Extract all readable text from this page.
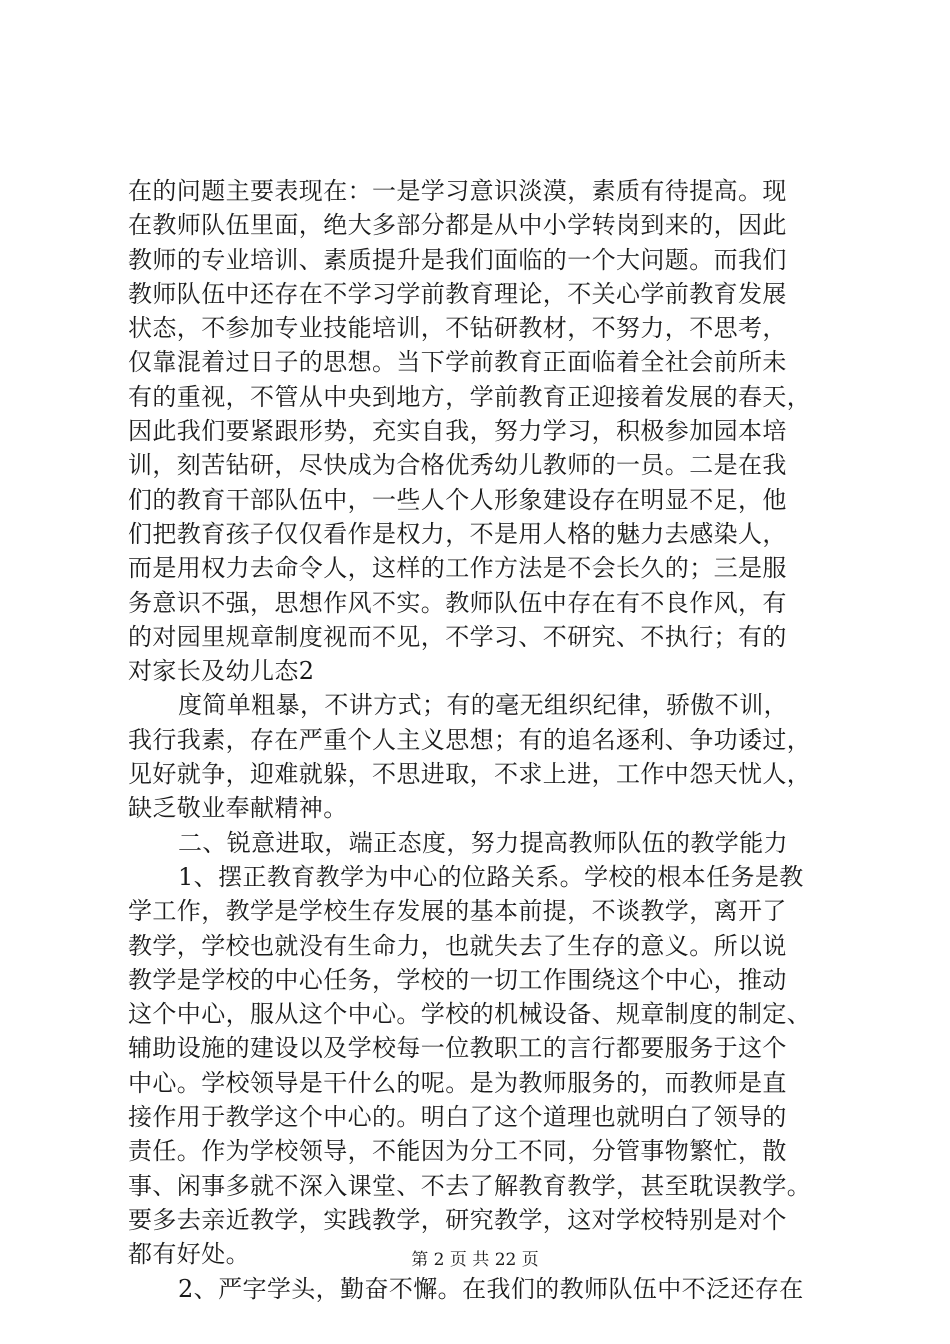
在的问题主要表现在：一是学习意识淡漠，素质有待提高。现
在教师队伍里面，绝大多部分都是从中小学转岗到来的，因此
教师的专业培训、素质提升是我们面临的一个大问题。而我们
教师队伍中还存在不学习学前教育理论，不关心学前教育发展
状态，不参加专业技能培训，不钻研教材，不努力，不思考，
仅靠混着过日子的思想。当下学前教育正面临着全社会前所未
有的重视，不管从中央到地方，学前教育正迎接着发展的春天，
因此我们要紧跟形势，充实自我，努力学习，积极参加园本培
训，刻苦钻研，尽快成为合格优秀幼儿教师的一员。二是在我
们的教育干部队伍中，一些人个人形象建设存在明显不足，他
们把教育孩子仅仅看作是权力，不是用人格的魅力去感染人，
而是用权力去命令人，这样的工作方法是不会长久的；三是服
务意识不强，思想作风不实。教师队伍中存在有不良作风，有
的对园里规章制度视而不见，不学习、不研究、不执行；有的
对家长及幼儿态2
度简单粗暴，不讲方式；有的毫无组织纪律，骄傲不训，
我行我素，存在严重个人主义思想；有的追名逐利、争功诿过，
见好就争，迎难就躲，不思进取，不求上进，工作中怨天忧人，
缺乏敬业奉献精神。
二、锐意进取，端正态度，努力提高教师队伍的教学能力
1、摆正教育教学为中心的位路关系。学校的根本任务是教
学工作，教学是学校生存发展的基本前提，不谈教学，离开了
教学，学校也就没有生命力，也就失去了生存的意义。所以说
教学是学校的中心任务，学校的一切工作围绕这个中心，推动
这个中心，服从这个中心。学校的机械设备、规章制度的制定、
辅助设施的建设以及学校每一位教职工的言行都要服务于这个
中心。学校领导是干什么的呢。是为教师服务的，而教师是直
接作用于教学这个中心的。明白了这个道理也就明白了领导的
责任。作为学校领导，不能因为分工不同，分管事物繁忙，散
事、闲事多就不深入课堂、不去了解教育教学，甚至耽误教学。
要多去亲近教学，实践教学，研究教学，这对学校特别是对个
都有好处。
2、严字学头，勤奋不懈。在我们的教师队伍中不泛还存在
第 2 页 共 22 页
